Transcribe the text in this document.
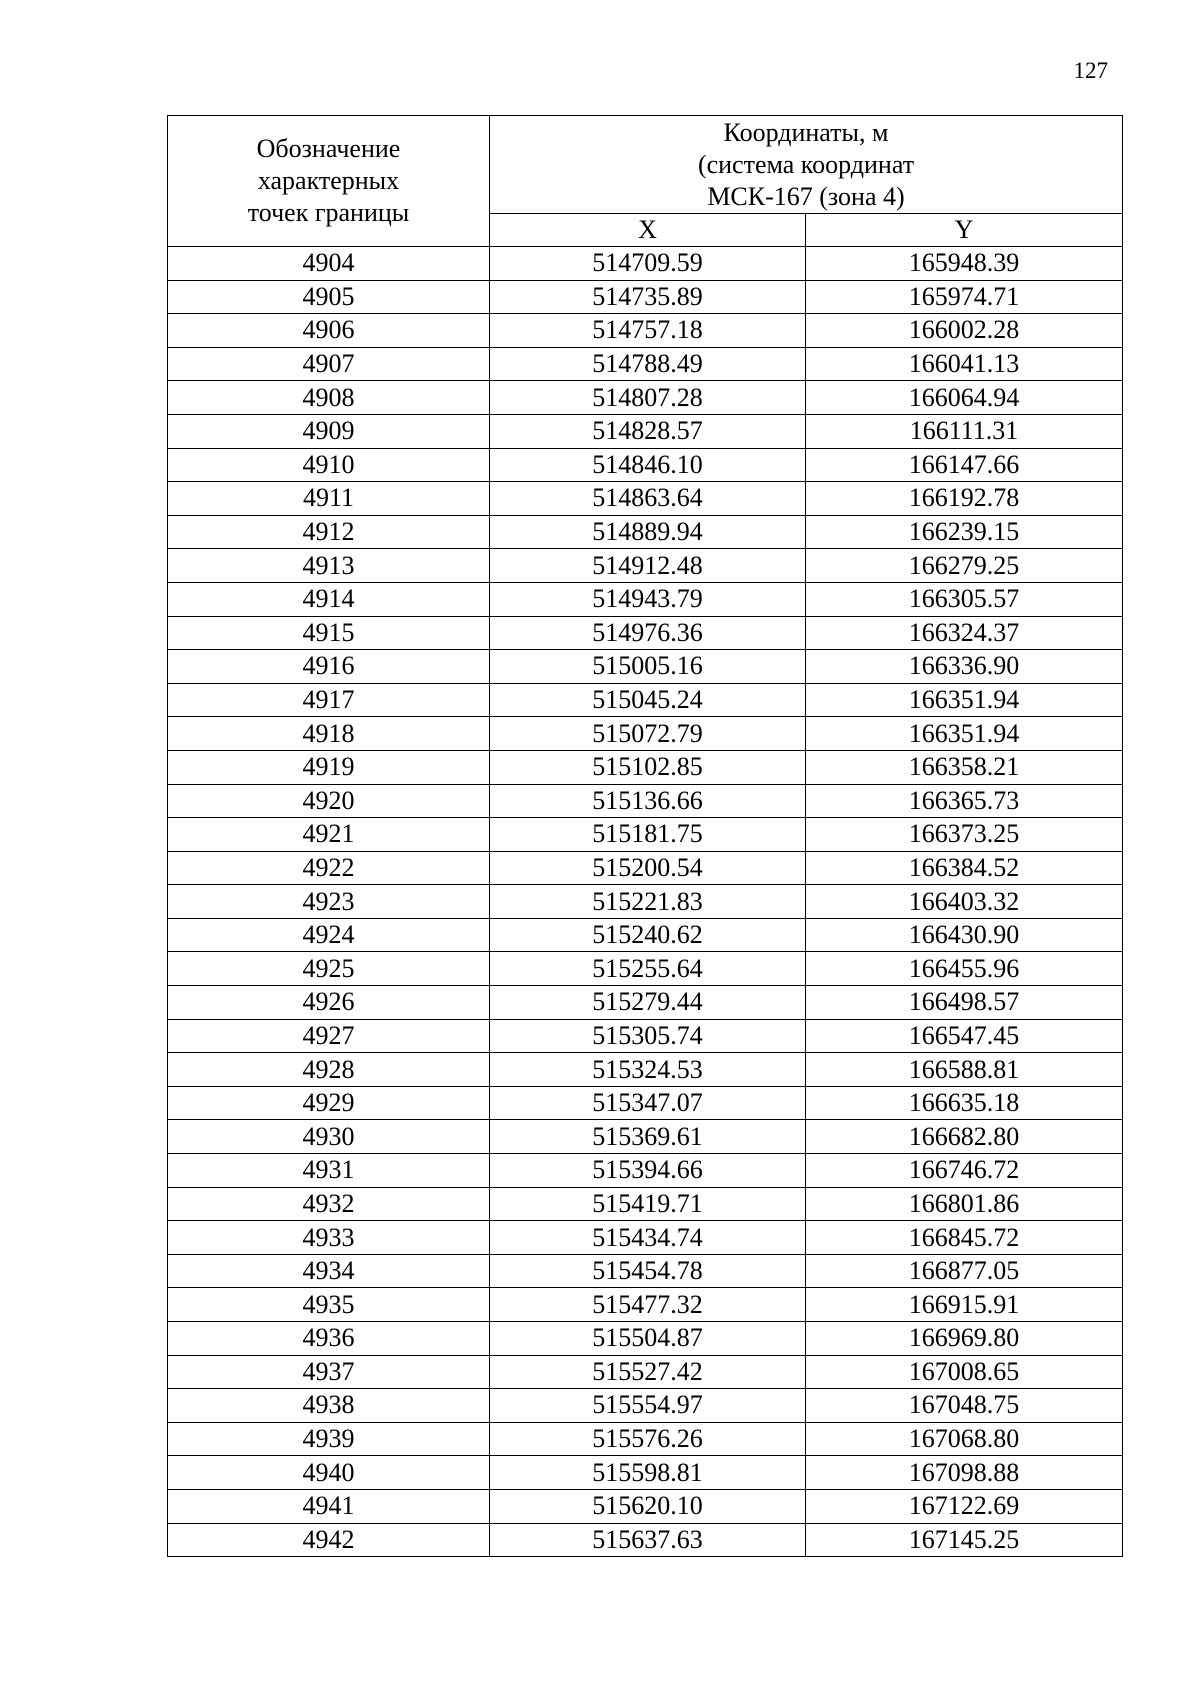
127
Обозначение
характерных
точек границы	Координаты, м
(система координат
МСК-167 (зона 4)	

	X	Y
4904	514709.59	165948.39
4905	514735.89	165974.71
4906	514757.18	166002.28
4907	514788.49	166041.13
4908	514807.28	166064.94
4909	514828.57	166111.31
4910	514846.10	166147.66
4911	514863.64	166192.78
4912	514889.94	166239.15
4913	514912.48	166279.25
4914	514943.79	166305.57
4915	514976.36	166324.37
4916	515005.16	166336.90
4917	515045.24	166351.94
4918	515072.79	166351.94
4919	515102.85	166358.21
4920	515136.66	166365.73
4921	515181.75	166373.25
4922	515200.54	166384.52
4923	515221.83	166403.32
4924	515240.62	166430.90
4925	515255.64	166455.96
4926	515279.44	166498.57
4927	515305.74	166547.45
4928	515324.53	166588.81
4929	515347.07	166635.18
4930	515369.61	166682.80
4931	515394.66	166746.72
4932	515419.71	166801.86
4933	515434.74	166845.72
4934	515454.78	166877.05
4935	515477.32	166915.91
4936	515504.87	166969.80
4937	515527.42	167008.65
4938	515554.97	167048.75
4939	515576.26	167068.80
4940	515598.81	167098.88
4941	515620.10	167122.69
4942	515637.63	167145.25
